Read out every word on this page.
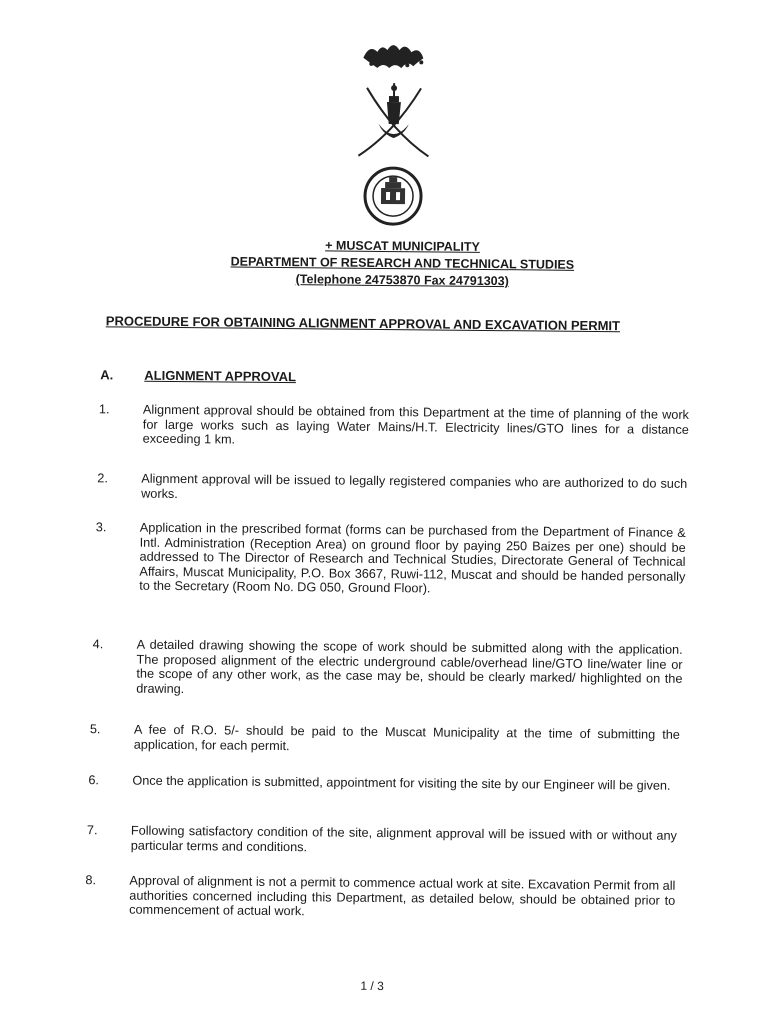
+ MUSCAT MUNICIPALITY
DEPARTMENT OF RESEARCH AND TECHNICAL STUDIES
(Telephone 24753870 Fax 24791303)
PROCEDURE FOR OBTAINING ALIGNMENT APPROVAL AND EXCAVATION PERMIT
A. ALIGNMENT APPROVAL
1.	Alignment approval should be obtained from this Department at the time of planning of the work for large works such as laying Water Mains/H.T. Electricity lines/GTO lines for a distance exceeding 1 km.
2.	Alignment approval will be issued to legally registered companies who are authorized to do such works.
3.	Application in the prescribed format (forms can be purchased from the Department of Finance & Intl. Administration (Reception Area) on ground floor by paying 250 Baizes per one) should be addressed to The Director of Research and Technical Studies, Directorate General of Technical Affairs, Muscat Municipality, P.O. Box 3667, Ruwi-112, Muscat and should be handed personally to the Secretary (Room No. DG 050, Ground Floor).
4.	A detailed drawing showing the scope of work should be submitted along with the application. The proposed alignment of the electric underground cable/overhead line/GTO line/water line or the scope of any other work, as the case may be, should be clearly marked/ highlighted on the drawing.
5.	A fee of R.O. 5/- should be paid to the Muscat Municipality at the time of submitting the application, for each permit.
6.	Once the application is submitted, appointment for visiting the site by our Engineer will be given.
7.	Following satisfactory condition of the site, alignment approval will be issued with or without any particular terms and conditions.
8.	Approval of alignment is not a permit to commence actual work at site. Excavation Permit from all authorities concerned including this Department, as detailed below, should be obtained prior to commencement of actual work.
1 / 3
